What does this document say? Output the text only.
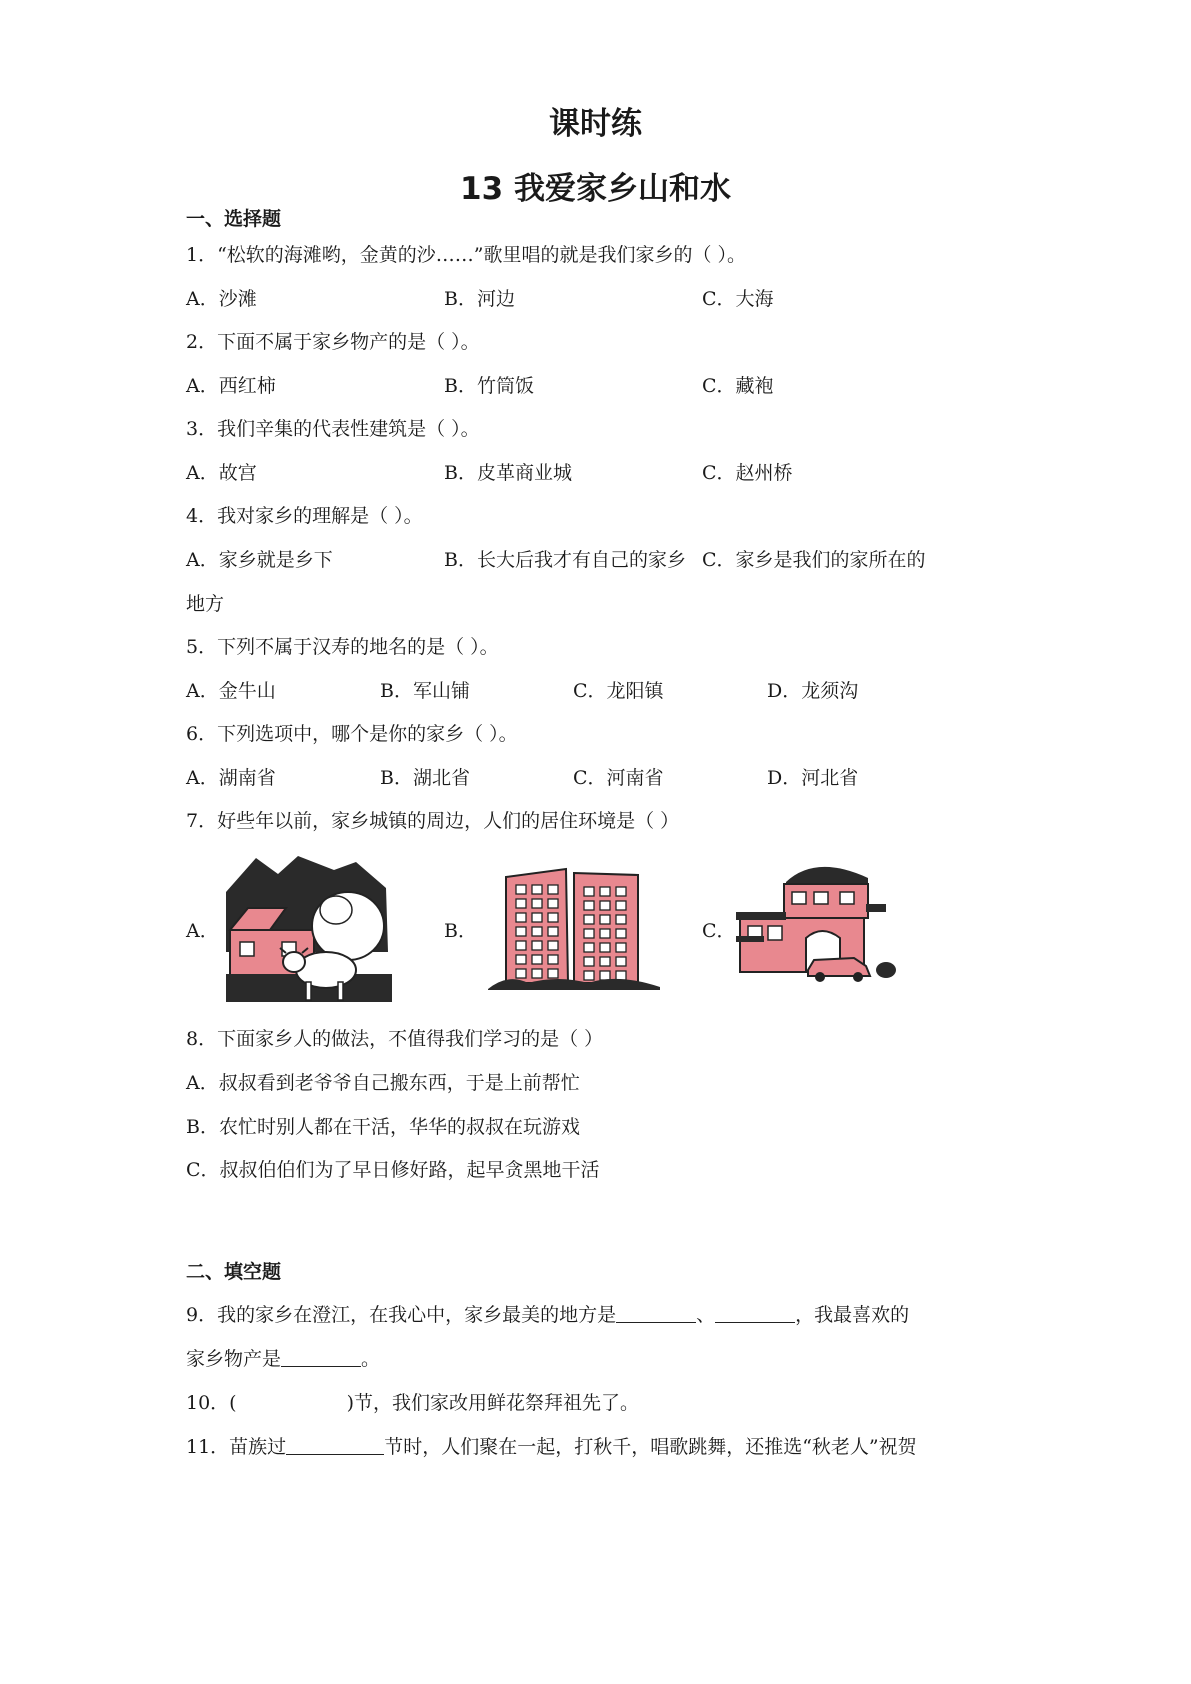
课时练
13 我爱家乡山和水
一、选择题
1．“松软的海滩哟，金黄的沙……”歌里唱的就是我们家乡的（ ）。
A．沙滩	B．河边	C．大海
2．下面不属于家乡物产的是（ ）。
A．西红柿	B．竹筒饭	C．藏袍
3．我们辛集的代表性建筑是（ ）。
A．故宫	B．皮革商业城	C．赵州桥
4．我对家乡的理解是（ ）。
A．家乡就是乡下	B．长大后我才有自己的家乡 C．家乡是我们的家所在的
地方
5．下列不属于汉寿的地名的是（ ）。
A．金牛山	B．军山铺	C．龙阳镇	D．龙须沟
6．下列选项中，哪个是你的家乡（ ）。
A．湖南省	B．湖北省	C．河南省	D．河北省
7．好些年以前，家乡城镇的周边，人们的居住环境是（ ）
A．	B．	C．
8．下面家乡人的做法，不值得我们学习的是（ ）
A．叔叔看到老爷爷自己搬东西，于是上前帮忙
B．农忙时别人都在干活，华华的叔叔在玩游戏
C．叔叔伯伯们为了早日修好路，起早贪黑地干活
二、填空题
9．我的家乡在澄江，在我心中，家乡最美的地方是	、	，我最喜欢的
家乡物产是	。
10．(	)节，我们家改用鲜花祭拜祖先了。
11．苗族过	节时，人们聚在一起，打秋千，唱歌跳舞，还推选“秋老人”祝贺
